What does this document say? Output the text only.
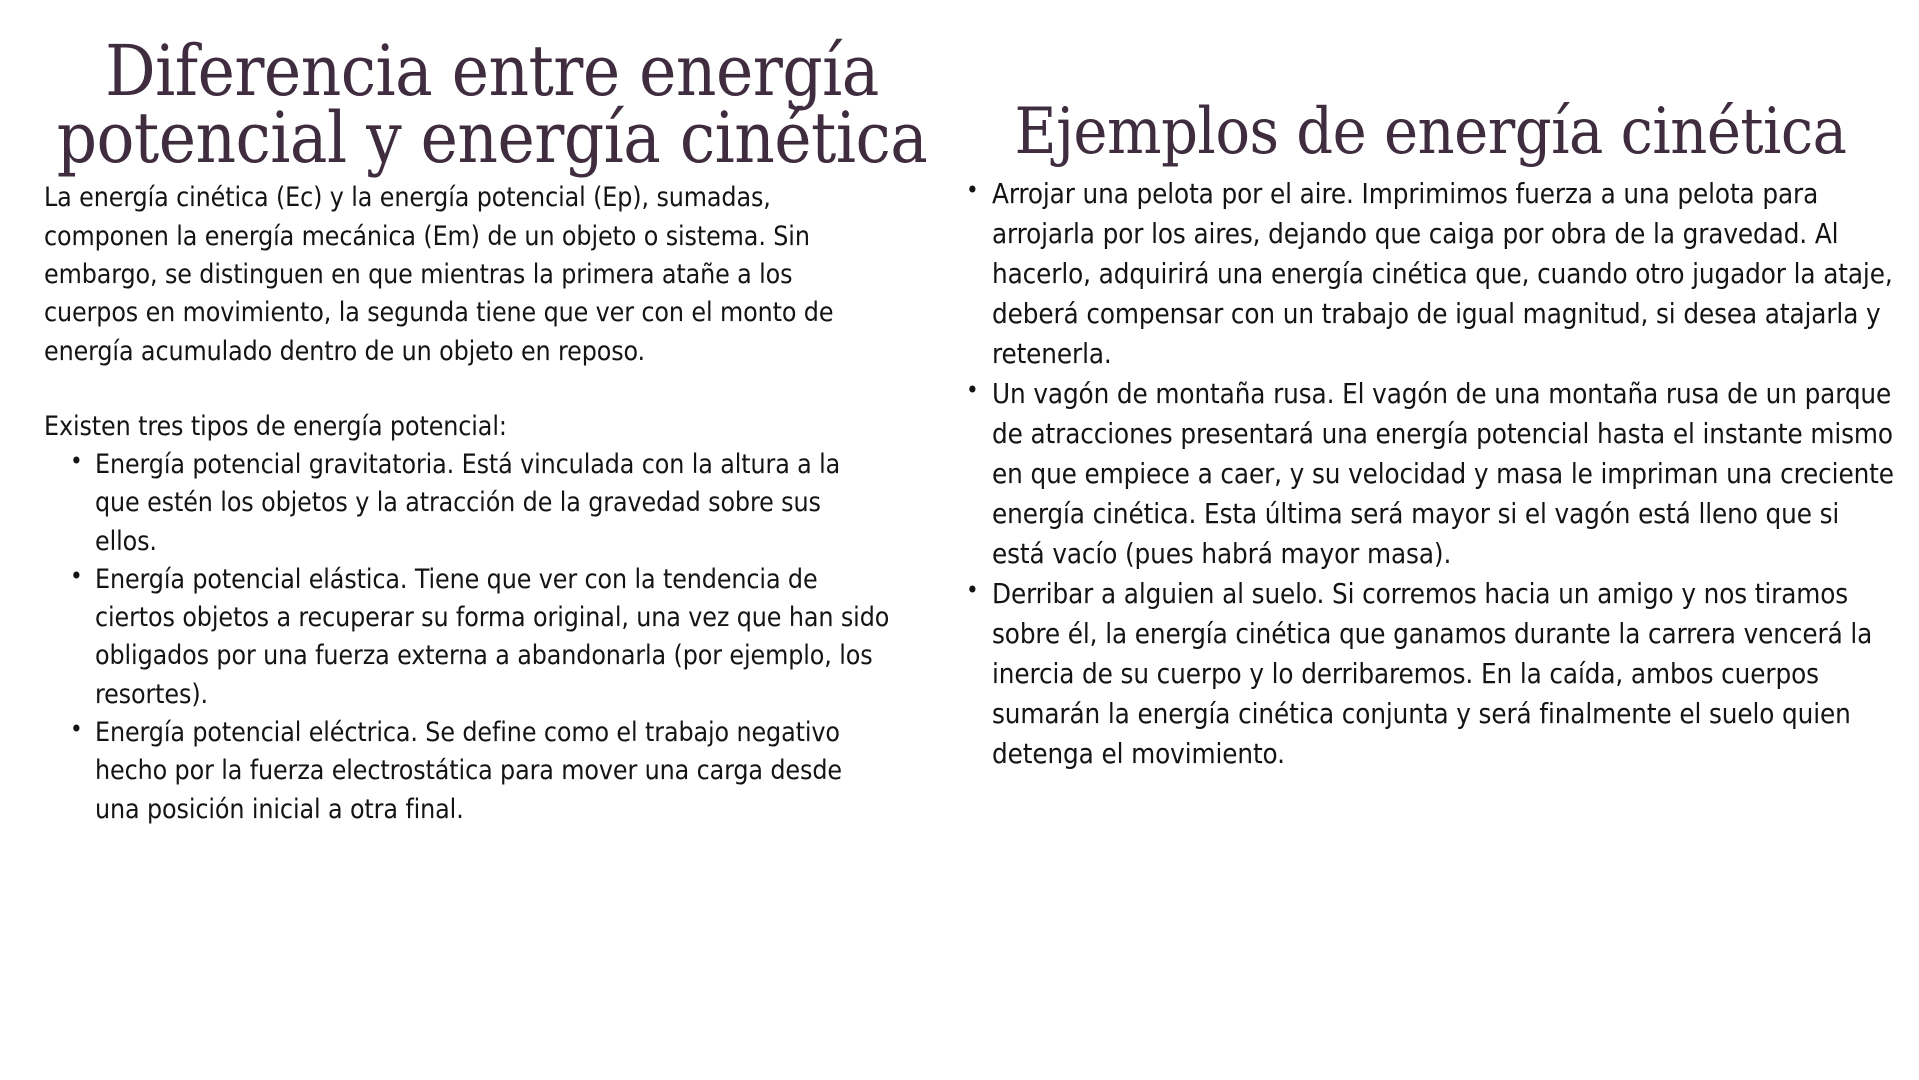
Diferencia entre energía potencial y energía cinética

La energía cinética (Ec) y la energía potencial (Ep), sumadas, componen la energía mecánica (Em) de un objeto o sistema. Sin embargo, se distinguen en que mientras la primera atañe a los cuerpos en movimiento, la segunda tiene que ver con el monto de energía acumulado dentro de un objeto en reposo.

Existen tres tipos de energía potencial:

• Energía potencial gravitatoria. Está vinculada con la altura a la que estén los objetos y la atracción de la gravedad sobre sus ellos.
• Energía potencial elástica. Tiene que ver con la tendencia de ciertos objetos a recuperar su forma original, una vez que han sido obligados por una fuerza externa a abandonarla (por ejemplo, los resortes).
• Energía potencial eléctrica. Se define como el trabajo negativo hecho por la fuerza electrostática para mover una carga desde una posición inicial a otra final.
Ejemplos de energía cinética
• Arrojar una pelota por el aire. Imprimimos fuerza a una pelota para arrojarla por los aires, dejando que caiga por obra de la gravedad. Al hacerlo, adquirirá una energía cinética que, cuando otro jugador la ataje, deberá compensar con un trabajo de igual magnitud, si desea atajarla y retenerla.
• Un vagón de montaña rusa. El vagón de una montaña rusa de un parque de atracciones presentará una energía potencial hasta el instante mismo en que empiece a caer, y su velocidad y masa le impriman una creciente energía cinética. Esta última será mayor si el vagón está lleno que si está vacío (pues habrá mayor masa).
• Derribar a alguien al suelo. Si corremos hacia un amigo y nos tiramos sobre él, la energía cinética que ganamos durante la carrera vencerá la inercia de su cuerpo y lo derribaremos. En la caída, ambos cuerpos sumarán la energía cinética conjunta y será finalmente el suelo quien detenga el movimiento.
